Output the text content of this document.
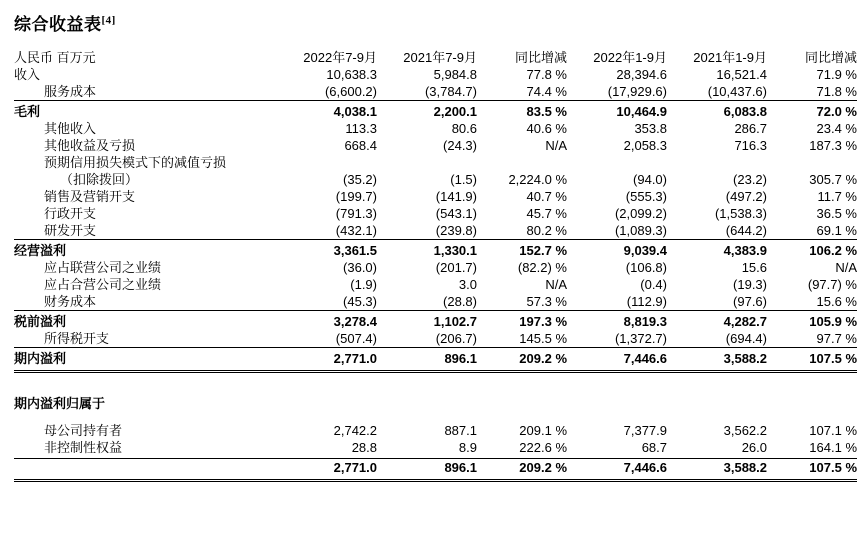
综合收益表[4]
人民币 百万元	2022年7-9月	2021年7-9月	同比增减	2022年1-9月	2021年1-9月	同比增减
收入	10,638.3	5,984.8	77.8 %	28,394.6	16,521.4	71.9 %
服务成本	(6,600.2)	(3,784.7)	74.4 %	(17,929.6)	(10,437.6)	71.8 %
毛利	4,038.1	2,200.1	83.5 %	10,464.9	6,083.8	72.0 %
其他收入	113.3	80.6	40.6 %	353.8	286.7	23.4 %
其他收益及亏损	668.4	(24.3)	N/A	2,058.3	716.3	187.3 %
预期信用损失模式下的减值亏损						
（扣除拨回）	(35.2)	(1.5)	2,224.0 %	(94.0)	(23.2)	305.7 %
销售及营销开支	(199.7)	(141.9)	40.7 %	(555.3)	(497.2)	11.7 %
行政开支	(791.3)	(543.1)	45.7 %	(2,099.2)	(1,538.3)	36.5 %
研发开支	(432.1)	(239.8)	80.2 %	(1,089.3)	(644.2)	69.1 %
经营溢利	3,361.5	1,330.1	152.7 %	9,039.4	4,383.9	106.2 %
应占联营公司之业绩	(36.0)	(201.7)	(82.2) %	(106.8)	15.6	N/A
应占合营公司之业绩	(1.9)	3.0	N/A	(0.4)	(19.3)	(97.7) %
财务成本	(45.3)	(28.8)	57.3 %	(112.9)	(97.6)	15.6 %
税前溢利	3,278.4	1,102.7	197.3 %	8,819.3	4,282.7	105.9 %
所得税开支	(507.4)	(206.7)	145.5 %	(1,372.7)	(694.4)	97.7 %
期内溢利	2,771.0	896.1	209.2 %	7,446.6	3,588.2	107.5 %

期内溢利归属于						

母公司持有者	2,742.2	887.1	209.1 %	7,377.9	3,562.2	107.1 %
非控制性权益	28.8	8.9	222.6 %	68.7	26.0	164.1 %
	2,771.0	896.1	209.2 %	7,446.6	3,588.2	107.5 %
